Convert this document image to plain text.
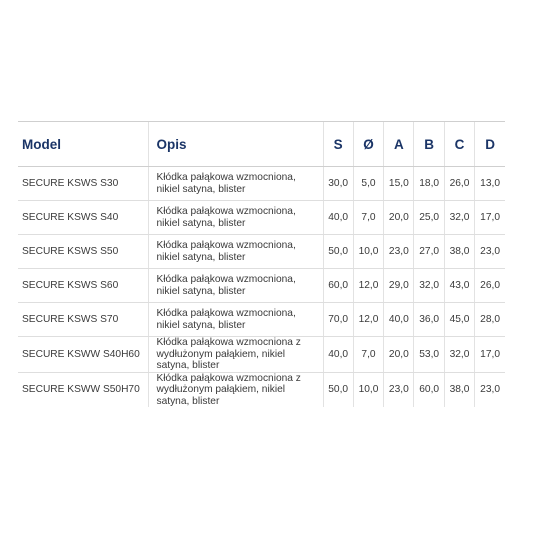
Model	Opis	S	Ø	A	B	C	D
SECURE KSWS S30	Kłódka pałąkowa wzmocniona, nikiel satyna, blister	30,0	5,0	15,0	18,0	26,0	13,0
SECURE KSWS S40	Kłódka pałąkowa wzmocniona, nikiel satyna, blister	40,0	7,0	20,0	25,0	32,0	17,0
SECURE KSWS S50	Kłódka pałąkowa wzmocniona, nikiel satyna, blister	50,0	10,0	23,0	27,0	38,0	23,0
SECURE KSWS S60	Kłódka pałąkowa wzmocniona, nikiel satyna, blister	60,0	12,0	29,0	32,0	43,0	26,0
SECURE KSWS S70	Kłódka pałąkowa wzmocniona, nikiel satyna, blister	70,0	12,0	40,0	36,0	45,0	28,0
SECURE KSWW S40H60	Kłódka pałąkowa wzmocniona z wydłużonym pałąkiem, nikiel satyna, blister	40,0	7,0	20,0	53,0	32,0	17,0
SECURE KSWW S50H70	Kłódka pałąkowa wzmocniona z wydłużonym pałąkiem, nikiel satyna, blister	50,0	10,0	23,0	60,0	38,0	23,0
